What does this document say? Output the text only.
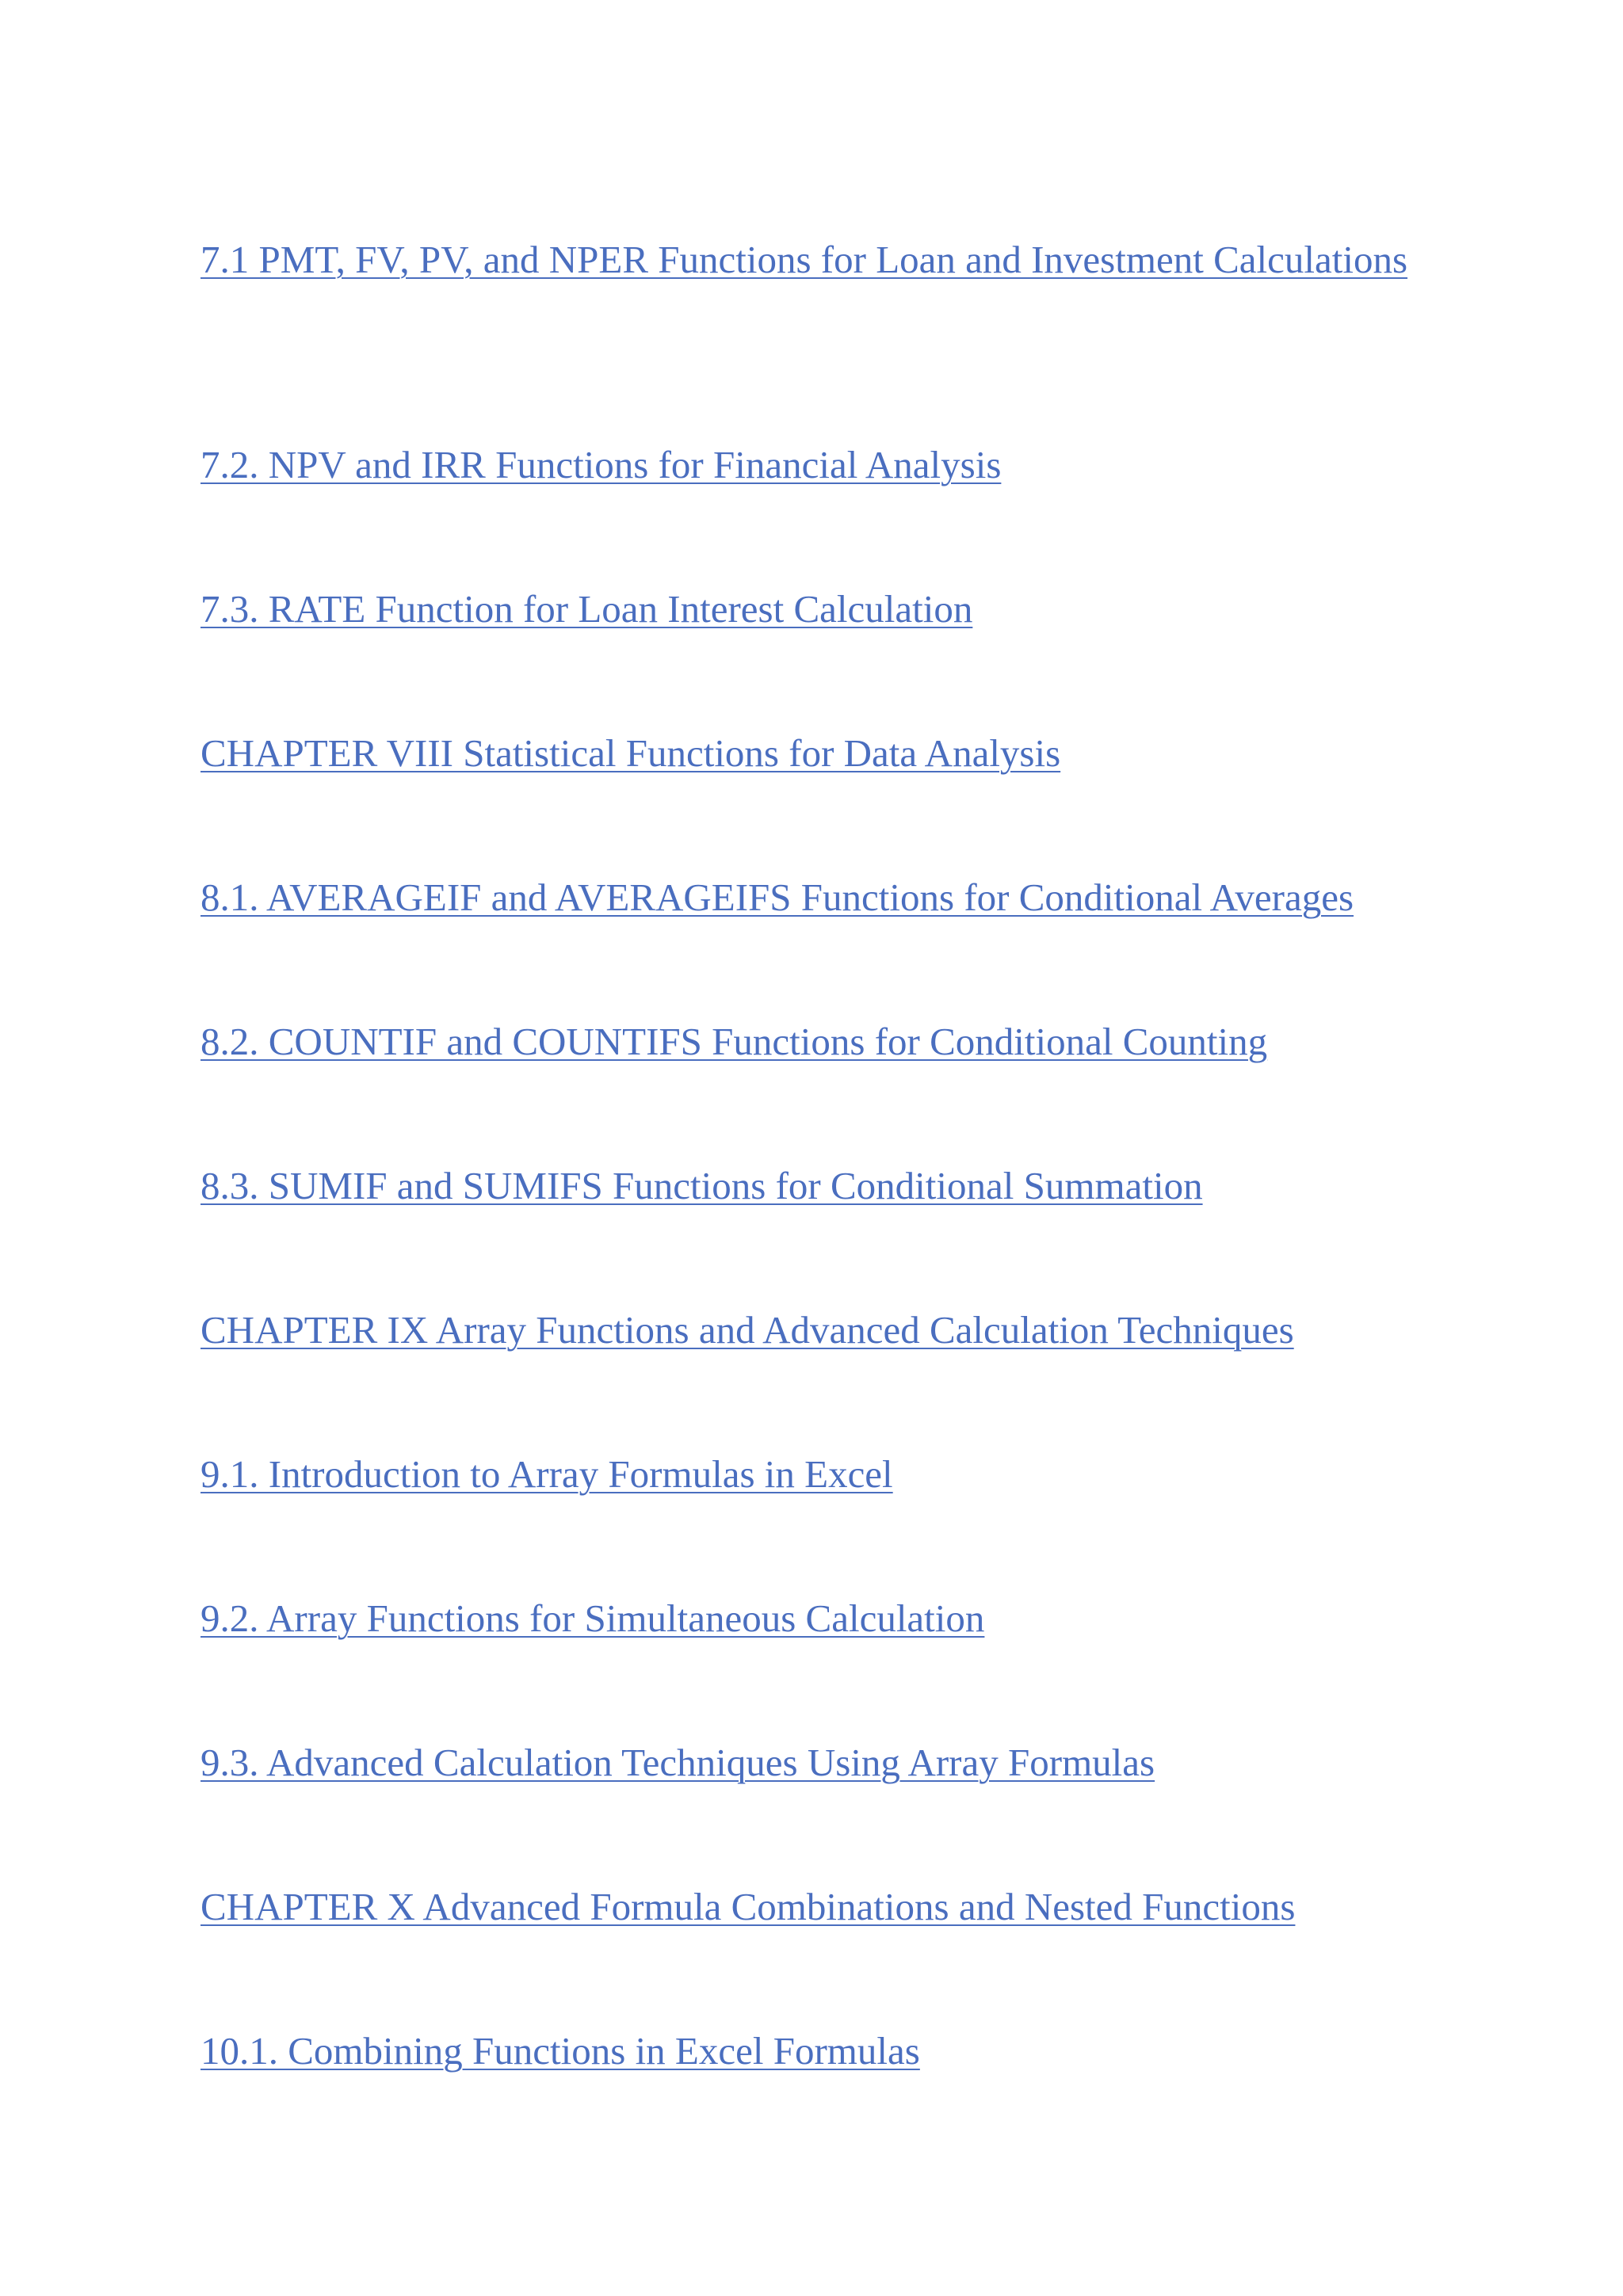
7.1 PMT, FV, PV, and NPER Functions for Loan and Investment Calculations
7.2. NPV and IRR Functions for Financial Analysis
7.3. RATE Function for Loan Interest Calculation
CHAPTER VIII Statistical Functions for Data Analysis
8.1. AVERAGEIF and AVERAGEIFS Functions for Conditional Averages
8.2. COUNTIF and COUNTIFS Functions for Conditional Counting
8.3. SUMIF and SUMIFS Functions for Conditional Summation
CHAPTER IX Array Functions and Advanced Calculation Techniques
9.1. Introduction to Array Formulas in Excel
9.2. Array Functions for Simultaneous Calculation
9.3. Advanced Calculation Techniques Using Array Formulas
CHAPTER X Advanced Formula Combinations and Nested Functions
10.1. Combining Functions in Excel Formulas
